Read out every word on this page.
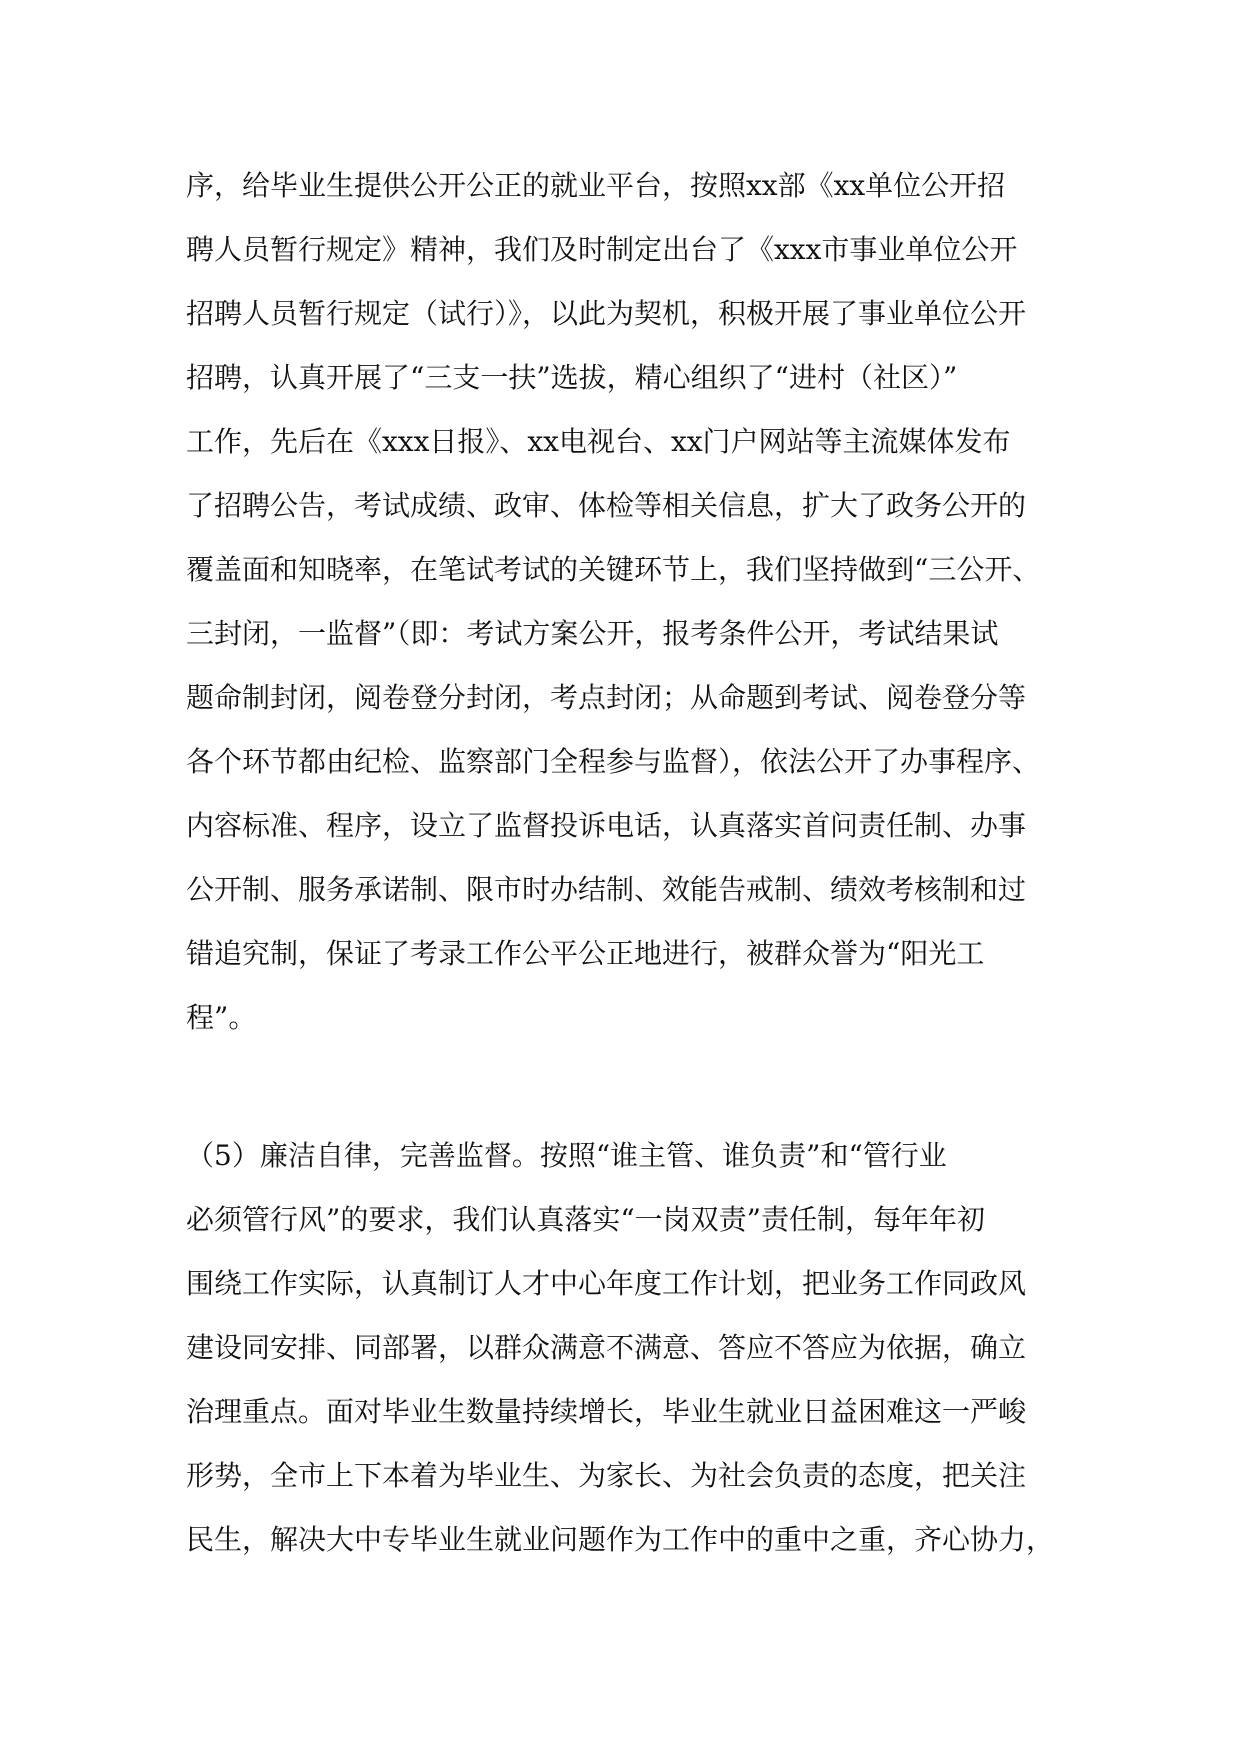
序，给毕业生提供公开公正的就业平台，按照xx部《xx单位公开招
聘人员暂行规定》精神，我们及时制定出台了《xxx市事业单位公开
招聘人员暂行规定（试行）》，以此为契机，积极开展了事业单位公开
招聘，认真开展了“三支一扶”选拔，精心组织了“进村（社区）”
工作，先后在《xxx日报》、xx电视台、xx门户网站等主流媒体发布
了招聘公告，考试成绩、政审、体检等相关信息，扩大了政务公开的
覆盖面和知晓率，在笔试考试的关键环节上，我们坚持做到“三公开、
三封闭，一监督”（即：考试方案公开，报考条件公开，考试结果试
题命制封闭，阅卷登分封闭，考点封闭；从命题到考试、阅卷登分等
各个环节都由纪检、监察部门全程参与监督），依法公开了办事程序、
内容标准、程序，设立了监督投诉电话，认真落实首问责任制、办事
公开制、服务承诺制、限市时办结制、效能告戒制、绩效考核制和过
错追究制，保证了考录工作公平公正地进行，被群众誉为“阳光工
程”。
（5）廉洁自律，完善监督。按照“谁主管、谁负责”和“管行业
必须管行风”的要求，我们认真落实“一岗双责”责任制，每年年初
围绕工作实际，认真制订人才中心年度工作计划，把业务工作同政风
建设同安排、同部署，以群众满意不满意、答应不答应为依据，确立
治理重点。面对毕业生数量持续增长，毕业生就业日益困难这一严峻
形势，全市上下本着为毕业生、为家长、为社会负责的态度，把关注
民生，解决大中专毕业生就业问题作为工作中的重中之重，齐心协力，
